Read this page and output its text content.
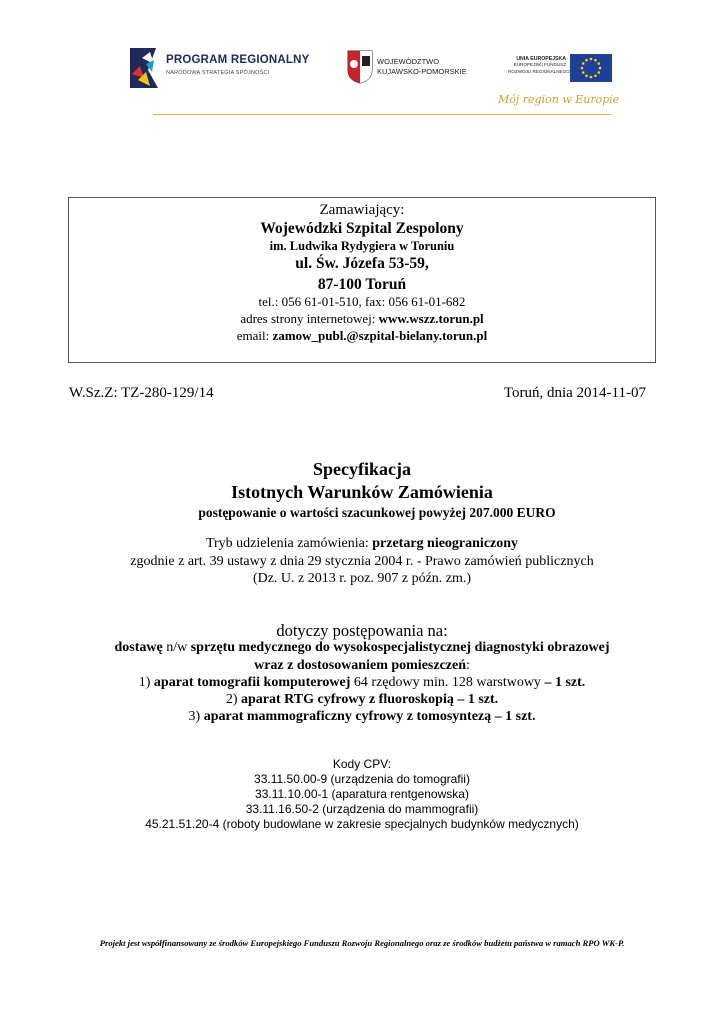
PROGRAM REGIONALNY
NARODOWA STRATEGIA SPÓJNOŚCI
WOJEWÓDZTWO
KUJAWSKO-POMORSKIE
UNIA EUROPEJSKA
EUROPEJSKI FUNDUSZ
ROZWOJU REGIONALNEGO
Mój region w Europie
Zamawiający:
Wojewódzki Szpital Zespolony
im. Ludwika Rydygiera w Toruniu
ul. Św. Józefa 53-59,
87-100 Toruń
tel.: 056 61-01-510, fax: 056 61-01-682
adres strony internetowej: www.wszz.torun.pl
email: zamow_publ.@szpital-bielany.torun.pl
W.Sz.Z: TZ-280-129/14	Toruń, dnia 2014-11-07
Specyfikacja
Istotnych Warunków Zamówienia
postępowanie o wartości szacunkowej powyżej 207.000 EURO
Tryb udzielenia zamówienia: przetarg nieograniczony
zgodnie z art. 39 ustawy z dnia 29 stycznia 2004 r. - Prawo zamówień publicznych
(Dz. U. z 2013 r. poz. 907 z późn. zm.)
dotyczy postępowania na:
dostawę n/w sprzętu medycznego do wysokospecjalistycznej diagnostyki obrazowej
wraz z dostosowaniem pomieszczeń:
1) aparat tomografii komputerowej 64 rzędowy min. 128 warstwowy – 1 szt.
2) aparat RTG cyfrowy z fluoroskopią – 1 szt.
3) aparat mammograficzny cyfrowy z tomosyntezą – 1 szt.
Kody CPV:
33.11.50.00-9 (urządzenia do tomografii)
33.11.10.00-1 (aparatura rentgenowska)
33.11.16.50-2 (urządzenia do mammografii)
45.21.51.20-4 (roboty budowlane w zakresie specjalnych budynków medycznych)
Projekt jest współfinansowany ze środków Europejskiego Funduszu Rozwoju Regionalnego oraz ze środków budżetu państwa w ramach RPO WK-P.
